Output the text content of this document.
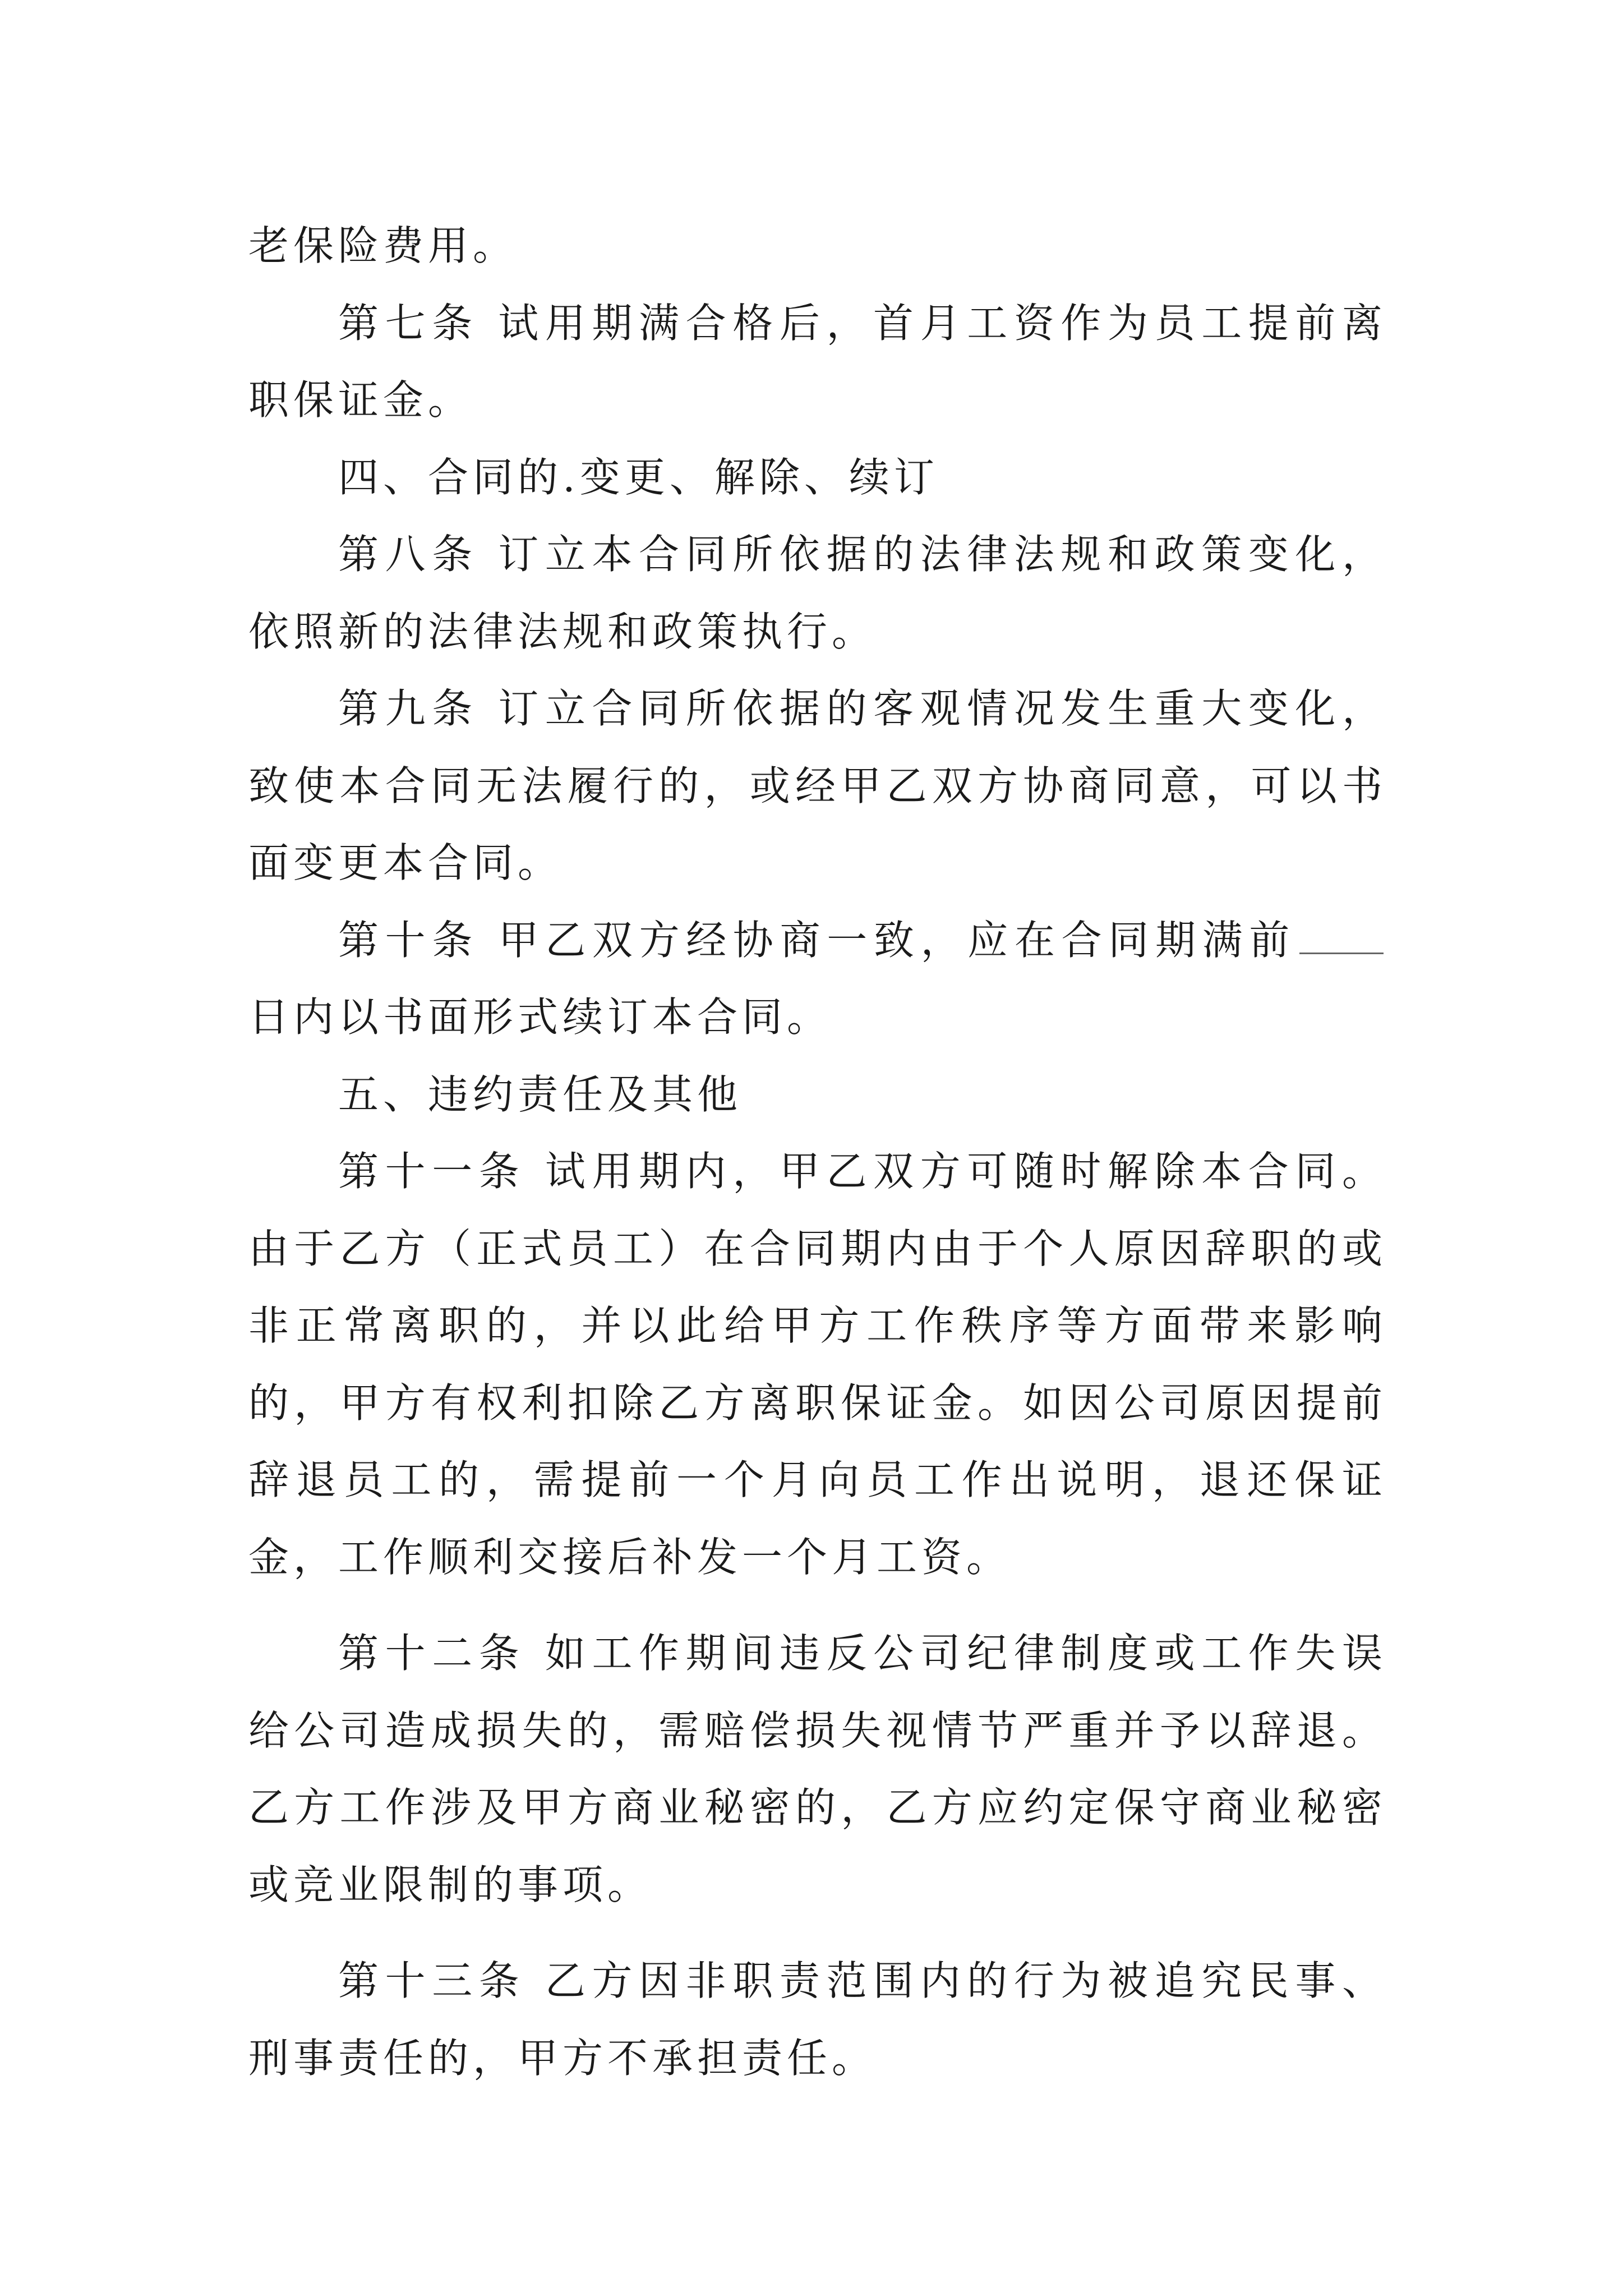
老保险费用。

第七条 试用期满合格后，首月工资作为员工提前离职保证金。

四、合同的.变更、解除、续订

第八条 订立本合同所依据的法律法规和政策变化，依照新的法律法规和政策执行。

第九条 订立合同所依据的客观情况发生重大变化，致使本合同无法履行的，或经甲乙双方协商同意，可以书面变更本合同。

第十条 甲乙双方经协商一致，应在合同期满前日内以书面形式续订本合同。

五、违约责任及其他

第十一条 试用期内，甲乙双方可随时解除本合同。由于乙方（正式员工）在合同期内由于个人原因辞职的或非正常离职的，并以此给甲方工作秩序等方面带来影响的，甲方有权利扣除乙方离职保证金。如因公司原因提前辞退员工的，需提前一个月向员工作出说明，退还保证金，工作顺利交接后补发一个月工资。

第十二条 如工作期间违反公司纪律制度或工作失误给公司造成损失的，需赔偿损失视情节严重并予以辞退。乙方工作涉及甲方商业秘密的，乙方应约定保守商业秘密或竞业限制的事项。

第十三条 乙方因非职责范围内的行为被追究民事、刑事责任的，甲方不承担责任。
